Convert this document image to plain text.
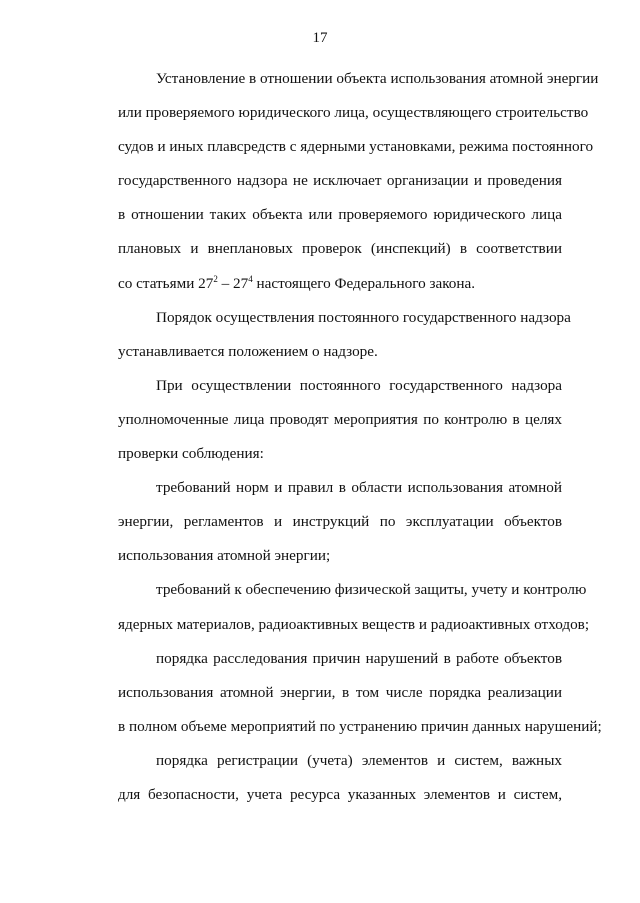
17
Установление в отношении объекта использования атомной энергии
или проверяемого юридического лица, осуществляющего строительство
судов и иных плавсредств с ядерными установками, режима постоянного
государственного надзора не исключает организации и проведения
в отношении таких объекта или проверяемого юридического лица
плановых и внеплановых проверок (инспекций) в соответствии
со статьями $27^2 - 27^4$ настоящего Федерального закона.
Порядок осуществления постоянного государственного надзора
устанавливается положением о надзоре.
При осуществлении постоянного государственного надзора
уполномоченные лица проводят мероприятия по контролю в целях
проверки соблюдения:
требований норм и правил в области использования атомной
энергии, регламентов и инструкций по эксплуатации объектов
использования атомной энергии;
требований к обеспечению физической защиты, учету и контролю
ядерных материалов, радиоактивных веществ и радиоактивных отходов;
порядка расследования причин нарушений в работе объектов
использования атомной энергии, в том числе порядка реализации
в полном объеме мероприятий по устранению причин данных нарушений;
порядка регистрации (учета) элементов и систем, важных
для безопасности, учета ресурса указанных элементов и систем,
